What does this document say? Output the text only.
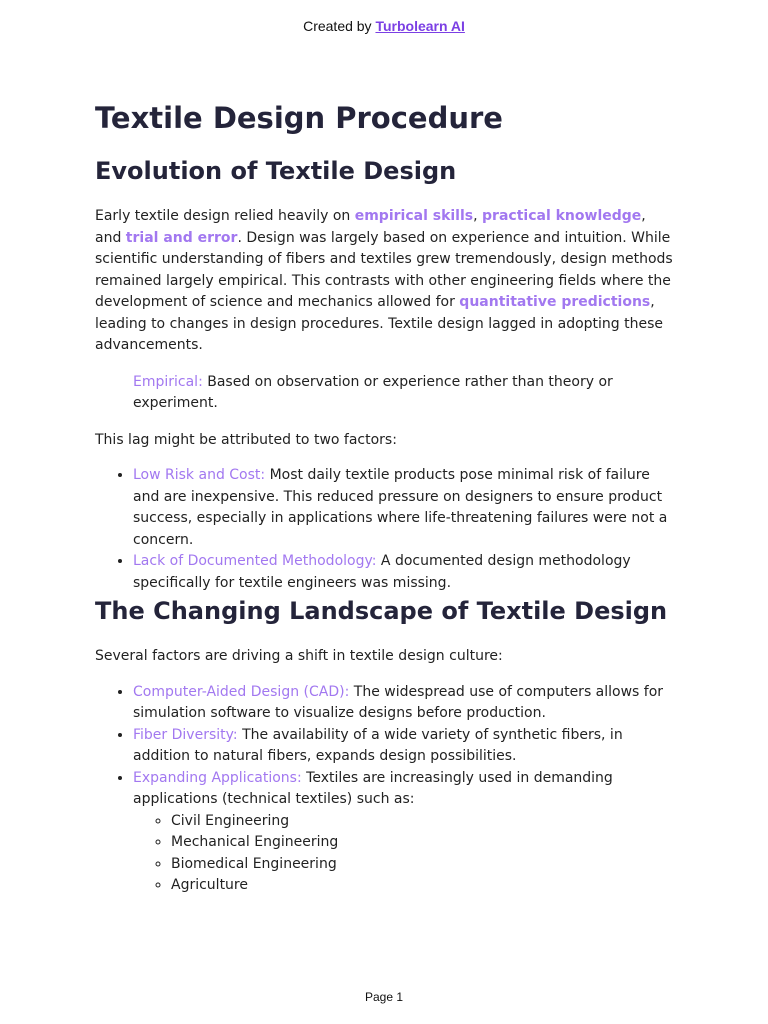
Created by Turbolearn AI
Textile Design Procedure
Evolution of Textile Design

Early textile design relied heavily on empirical skills, practical knowledge, and trial and error. Design was largely based on experience and intuition. While scientific understanding of fibers and textiles grew tremendously, design methods remained largely empirical. This contrasts with other engineering fields where the development of science and mechanics allowed for quantitative predictions, leading to changes in design procedures. Textile design lagged in adopting these advancements.

Empirical: Based on observation or experience rather than theory or experiment.

This lag might be attributed to two factors:

• Low Risk and Cost: Most daily textile products pose minimal risk of failure and are inexpensive. This reduced pressure on designers to ensure product success, especially in applications where life-threatening failures were not a concern.
• Lack of Documented Methodology: A documented design methodology specifically for textile engineers was missing.
The Changing Landscape of Textile Design

Several factors are driving a shift in textile design culture:

• Computer-Aided Design (CAD): The widespread use of computers allows for simulation software to visualize designs before production.
• Fiber Diversity: The availability of a wide variety of synthetic fibers, in addition to natural fibers, expands design possibilities.
• Expanding Applications: Textiles are increasingly used in demanding applications (technical textiles) such as:
◦ Civil Engineering
◦ Mechanical Engineering
◦ Biomedical Engineering
◦ Agriculture
Page 1
